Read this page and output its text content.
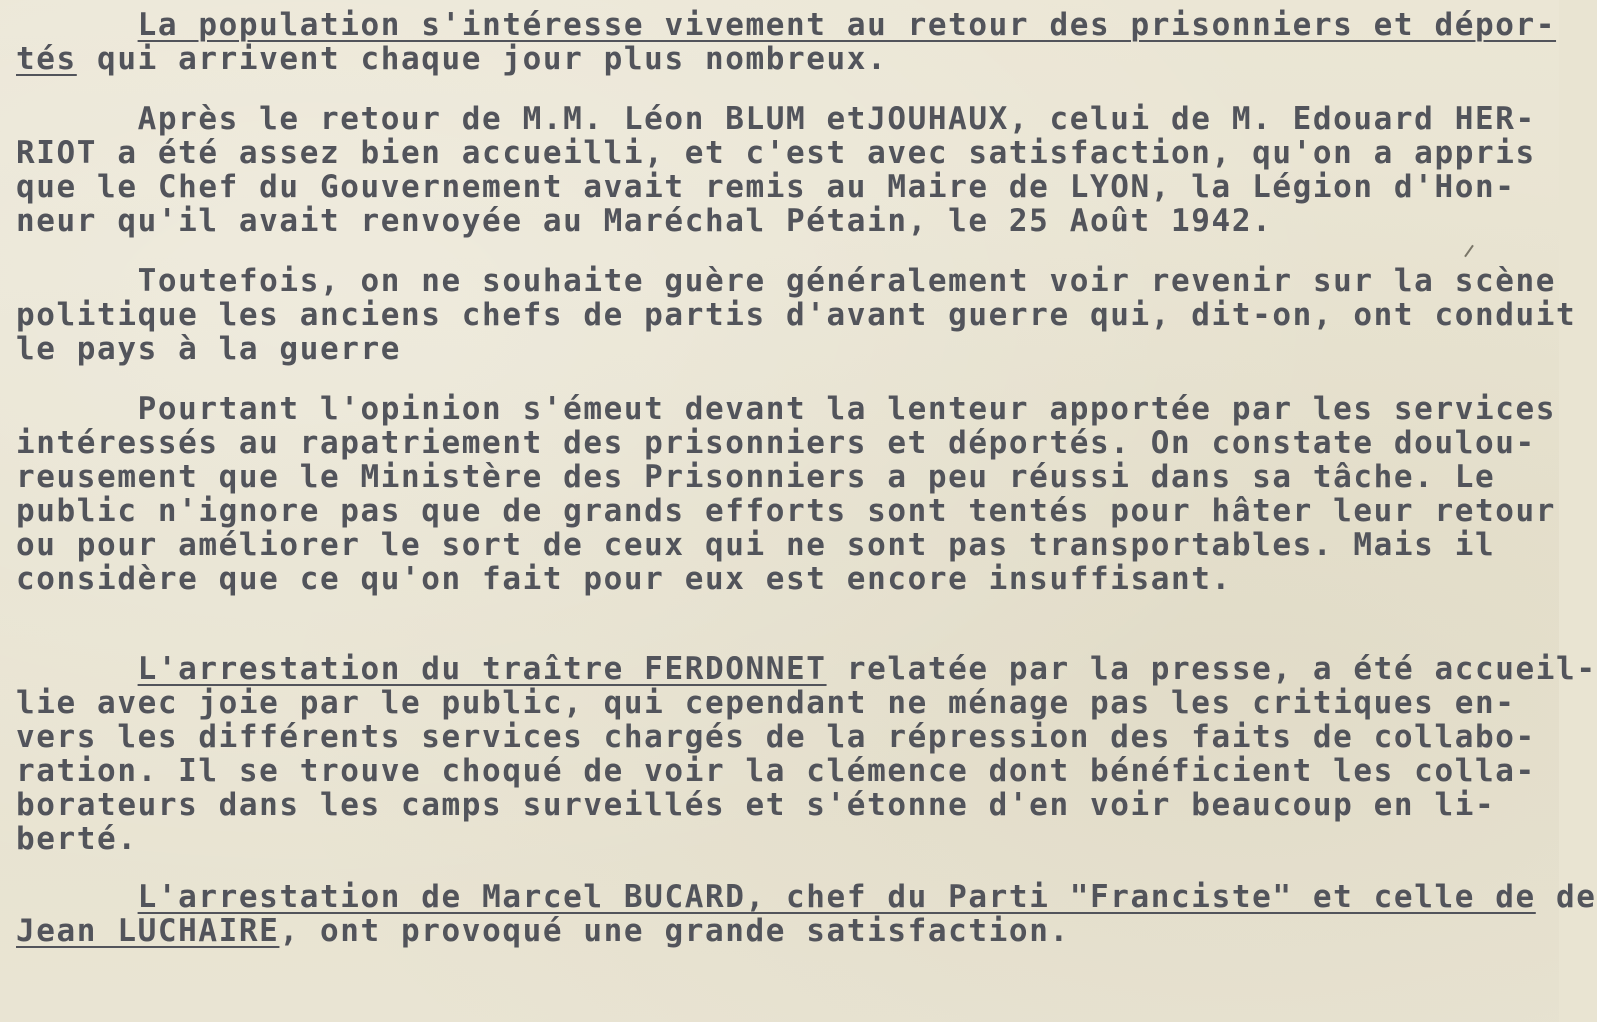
La population s'intéresse vivement au retour des prisonniers et dépor-
tés qui arrivent chaque jour plus nombreux.
Après le retour de M.M. Léon BLUM etJOUHAUX, celui de M. Edouard HER-
RIOT a été assez bien accueilli, et c'est avec satisfaction, qu'on a appris
que le Chef du Gouvernement avait remis au Maire de LYON, la Légion d'Hon-
neur qu'il avait renvoyée au Maréchal Pétain, le 25 Août 1942.
Toutefois, on ne souhaite guère généralement voir revenir sur la scène
politique les anciens chefs de partis d'avant guerre qui, dit-on, ont conduit
le pays à la guerre
Pourtant l'opinion s'émeut devant la lenteur apportée par les services
intéressés au rapatriement des prisonniers et déportés. On constate doulou-
reusement que le Ministère des Prisonniers a peu réussi dans sa tâche. Le
public n'ignore pas que de grands efforts sont tentés pour hâter leur retour
ou pour améliorer le sort de ceux qui ne sont pas transportables. Mais il
considère que ce qu'on fait pour eux est encore insuffisant.
L'arrestation du traître FERDONNET relatée par la presse, a été accueil-
lie avec joie par le public, qui cependant ne ménage pas les critiques en-
vers les différents services chargés de la répression des faits de collabo-
ration. Il se trouve choqué de voir la clémence dont bénéficient les colla-
borateurs dans les camps surveillés et s'étonne d'en voir beaucoup en li-
berté.
L'arrestation de Marcel BUCARD, chef du Parti "Franciste" et celle de de
Jean LUCHAIRE, ont provoqué une grande satisfaction.
